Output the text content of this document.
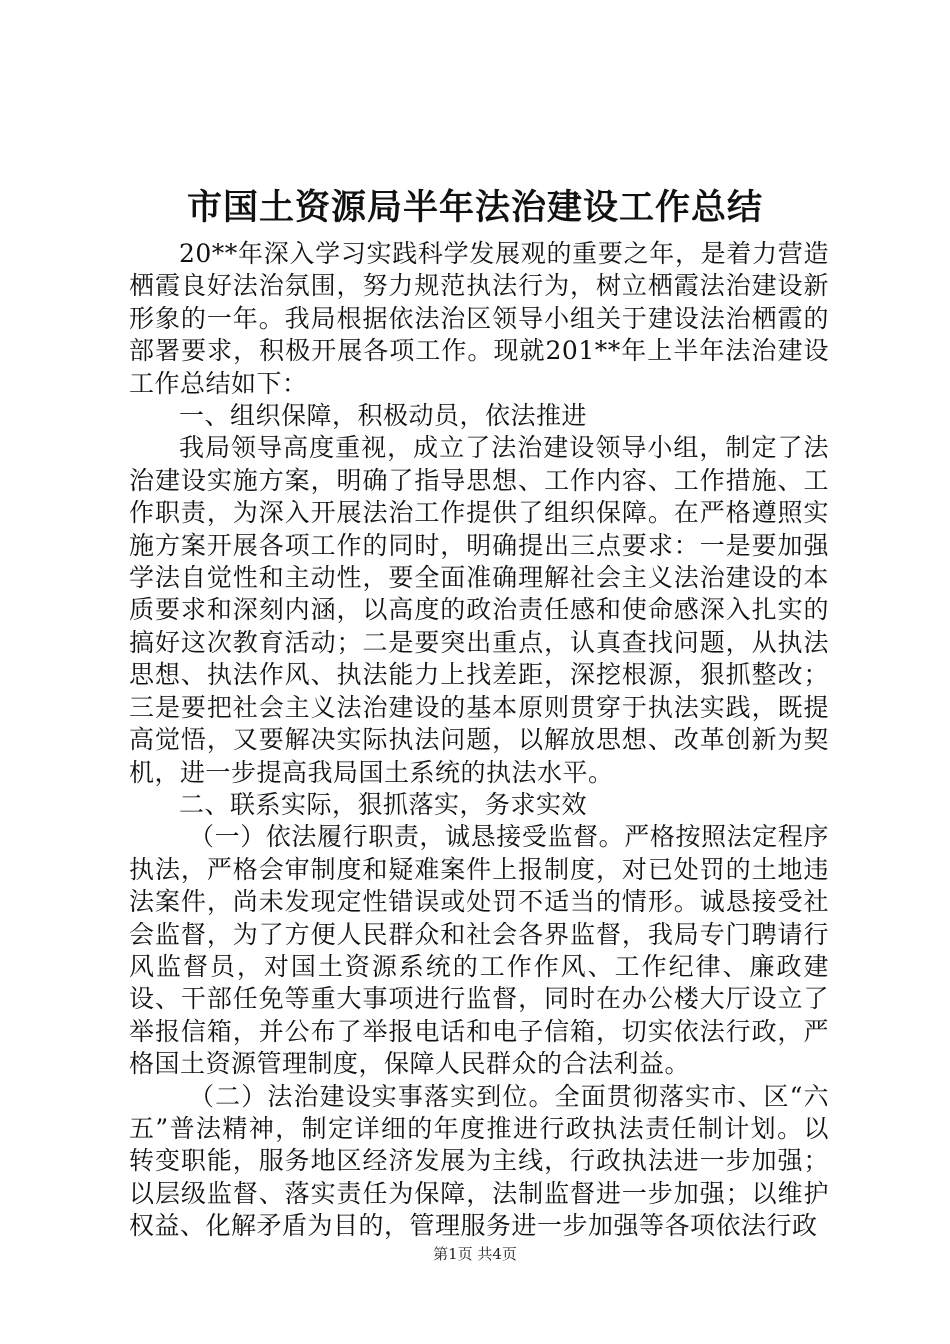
市国土资源局半年法治建设工作总结

20**年深入学习实践科学发展观的重要之年，是着力营造栖霞良好法治氛围，努力规范执法行为，树立栖霞法治建设新形象的一年。我局根据依法治区领导小组关于建设法治栖霞的部署要求，积极开展各项工作。现就201**年上半年法治建设工作总结如下：

一、组织保障，积极动员，依法推进

我局领导高度重视，成立了法治建设领导小组，制定了法治建设实施方案，明确了指导思想、工作内容、工作措施、工作职责，为深入开展法治工作提供了组织保障。在严格遵照实施方案开展各项工作的同时，明确提出三点要求：一是要加强学法自觉性和主动性，要全面准确理解社会主义法治建设的本质要求和深刻内涵，以高度的政治责任感和使命感深入扎实的搞好这次教育活动；二是要突出重点，认真查找问题，从执法思想、执法作风、执法能力上找差距，深挖根源，狠抓整改；三是要把社会主义法治建设的基本原则贯穿于执法实践，既提高觉悟，又要解决实际执法问题，以解放思想、改革创新为契机，进一步提高我局国土系统的执法水平。

二、联系实际，狠抓落实，务求实效

（一）依法履行职责，诚恳接受监督。严格按照法定程序执法，严格会审制度和疑难案件上报制度，对已处罚的土地违法案件，尚未发现定性错误或处罚不适当的情形。诚恳接受社会监督，为了方便人民群众和社会各界监督，我局专门聘请行风监督员，对国土资源系统的工作作风、工作纪律、廉政建设、干部任免等重大事项进行监督，同时在办公楼大厅设立了举报信箱，并公布了举报电话和电子信箱，切实依法行政，严格国土资源管理制度，保障人民群众的合法利益。

（二）法治建设实事落实到位。全面贯彻落实市、区“六五”普法精神，制定详细的年度推进行政执法责任制计划。以转变职能，服务地区经济发展为主线，行政执法进一步加强；以层级监督、落实责任为保障，法制监督进一步加强；以维护权益、化解矛盾为目的，管理服务进一步加强等各项依法行政

第1页 共4页
